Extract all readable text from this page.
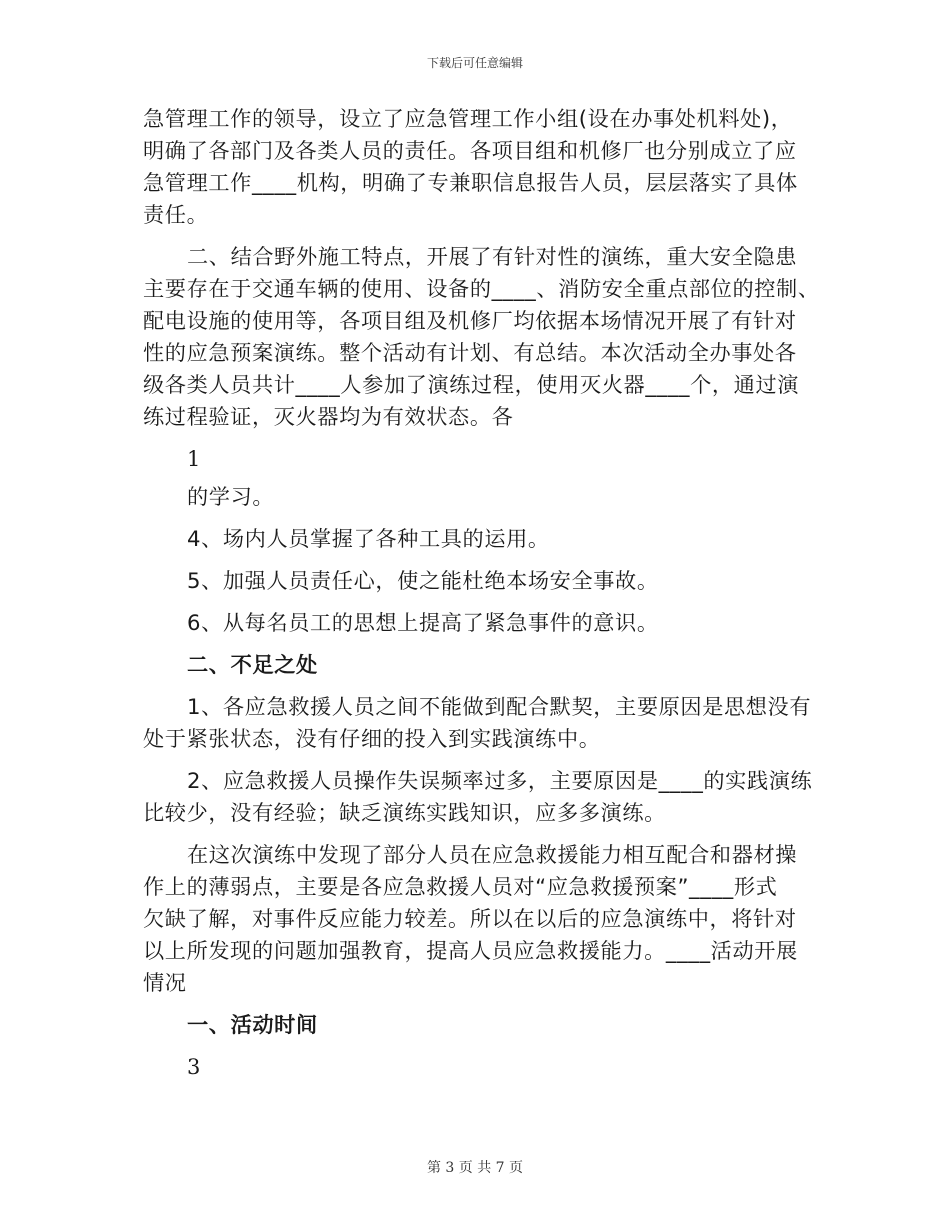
下载后可任意编辑
急管理工作的领导，设立了应急管理工作小组(设在办事处机料处)，
明确了各部门及各类人员的责任。各项目组和机修厂也分别成立了应
急管理工作____机构，明确了专兼职信息报告人员，层层落实了具体
责任。
二、结合野外施工特点，开展了有针对性的演练，重大安全隐患
主要存在于交通车辆的使用、设备的____、消防安全重点部位的控制、
配电设施的使用等，各项目组及机修厂均依据本场情况开展了有针对
性的应急预案演练。整个活动有计划、有总结。本次活动全办事处各
级各类人员共计____人参加了演练过程，使用灭火器____个，通过演
练过程验证，灭火器均为有效状态。各
1
的学习。
4、场内人员掌握了各种工具的运用。
5、加强人员责任心，使之能杜绝本场安全事故。
6、从每名员工的思想上提高了紧急事件的意识。
二、不足之处
1、各应急救援人员之间不能做到配合默契，主要原因是思想没有
处于紧张状态，没有仔细的投入到实践演练中。
2、应急救援人员操作失误频率过多，主要原因是____的实践演练
比较少，没有经验；缺乏演练实践知识，应多多演练。
在这次演练中发现了部分人员在应急救援能力相互配合和器材操
作上的薄弱点，主要是各应急救援人员对“应急救援预案”____形式
欠缺了解，对事件反应能力较差。所以在以后的应急演练中，将针对
以上所发现的问题加强教育，提高人员应急救援能力。____活动开展
情况
一、活动时间
3
第 3 页 共 7 页
